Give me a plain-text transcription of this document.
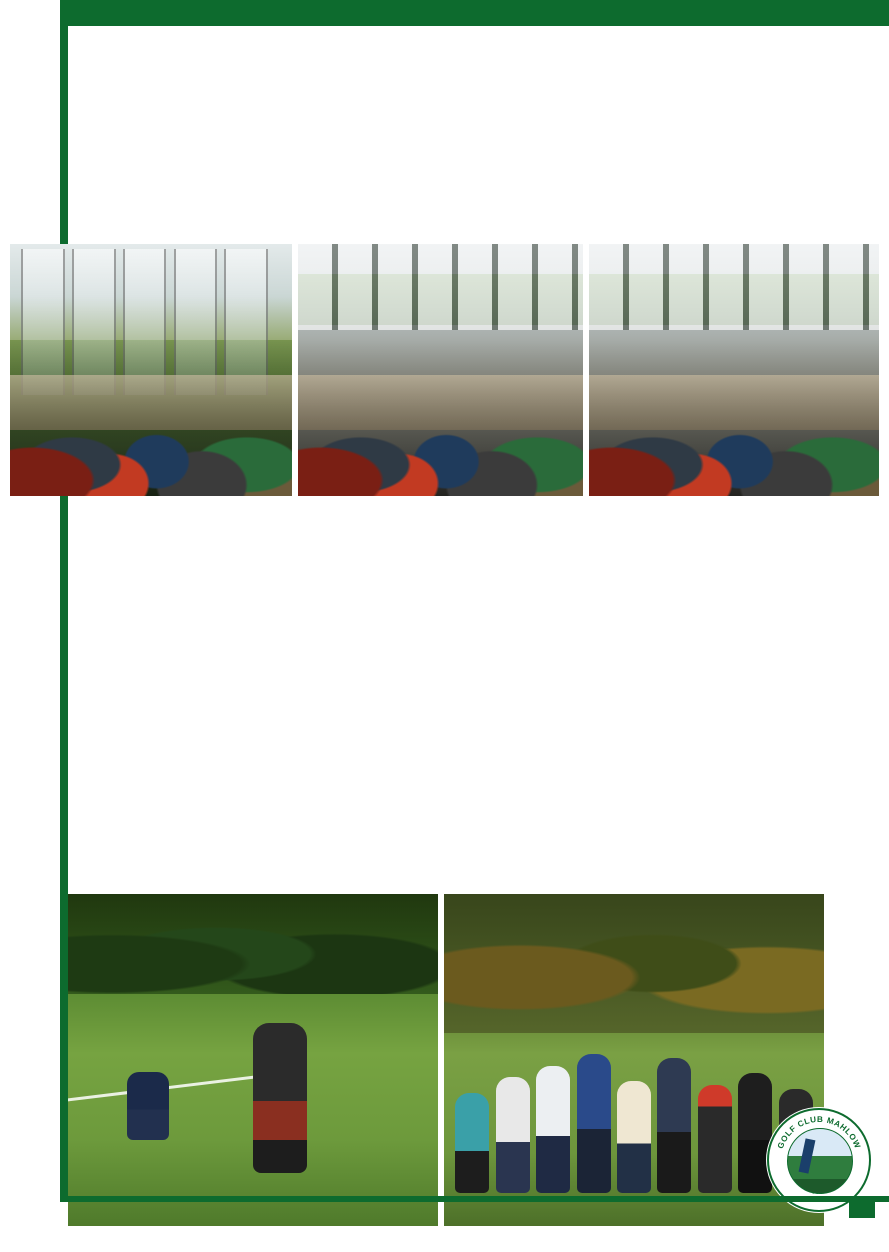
GOLF CLUB MAHLOW
